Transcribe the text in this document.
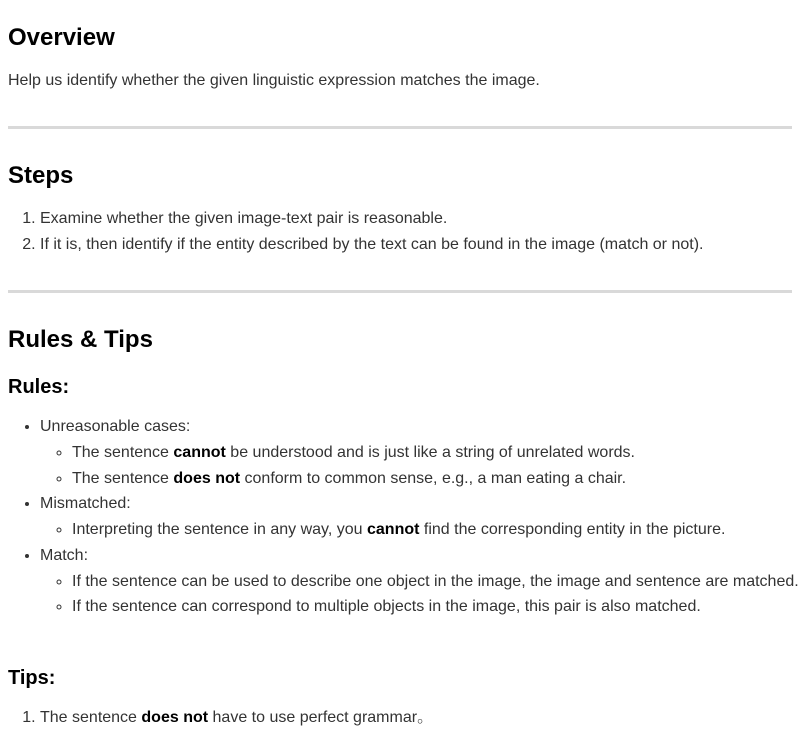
Overview

Help us identify whether the given linguistic expression matches the image.

Steps
1. Examine whether the given image-text pair is reasonable.
2. If it is, then identify if the entity described by the text can be found in the image (match or not).
Rules & Tips
Rules:
• Unreasonable cases:
◦ The sentence cannot be understood and is just like a string of unrelated words.
◦ The sentence does not conform to common sense, e.g., a man eating a chair.
• Mismatched:
◦ Interpreting the sentence in any way, you cannot find the corresponding entity in the picture.
• Match:
◦ If the sentence can be used to describe one object in the image, the image and sentence are matched.
◦ If the sentence can correspond to multiple objects in the image, this pair is also matched.
Tips:
1. The sentence does not have to use perfect grammar。
